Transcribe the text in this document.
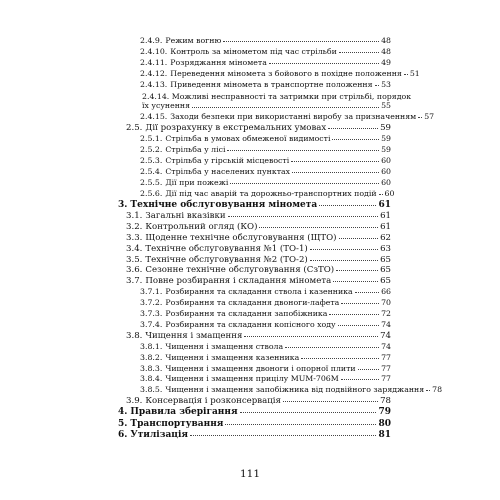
2.4.9. Режим вогню	48
2.4.10. Контроль за мінометом під час стрільби	48
2.4.11. Розряджання міномета	49
2.4.12. Переведення міномета з бойового в похідне положення 51
2.4.13. Приведення міномета в транспортне положення 53
2.4.14. Можливі несправності та затримки при стрільбі, порядок
їх усунення	55
2.4.15. Заходи безпеки при використанні виробу за призначенням 57
2.5. Дії розрахунку в екстремальних умовах	59
2.5.1. Стрільба в умовах обмеженої видимості	59
2.5.2. Стрільба у лісі	59
2.5.3. Стрільба у гірській місцевості	60
2.5.4. Стрільба у населених пунктах	60
2.5.5. Дії при пожежі	60
2.5.6. Дії під час аварій та дорожньо-транспортних подій 60
3. Технічне обслуговування міномета	61
3.1. Загальні вказівки	61
3.2. Контрольний огляд (КО)	61
3.3. Щоденне технічне обслуговування (ЩТО)	62
3.4. Технічне обслуговування №1 (ТО-1)	63
3.5. Технічне обслуговування №2 (ТО-2)	65
3.6. Сезонне технічне обслуговування (СзТО)	65
3.7. Повне розбирання і складання міномета	65
3.7.1. Розбирання та складання ствола і казенника	66
3.7.2. Розбирання та складання двоноги-лафета	70
3.7.3. Розбирання та складання запобіжника	72
3.7.4. Розбирання та складання копісного ходу	74
3.8. Чищення і змащення	74
3.8.1. Чищення і змащення ствола	74
3.8.2. Чищення і змащення казенника	77
3.8.3. Чищення і змащення двоноги і опорної плити	77
3.8.4. Чищення і змащення прицілу MUM-706M	77
3.8.5. Чищення і змащення запобіжника від подвійного заряджання 78
3.9. Консервація і розконсервація	78
4. Правила зберігання	79
5. Транспортування	80
6. Утилізація	81
111
